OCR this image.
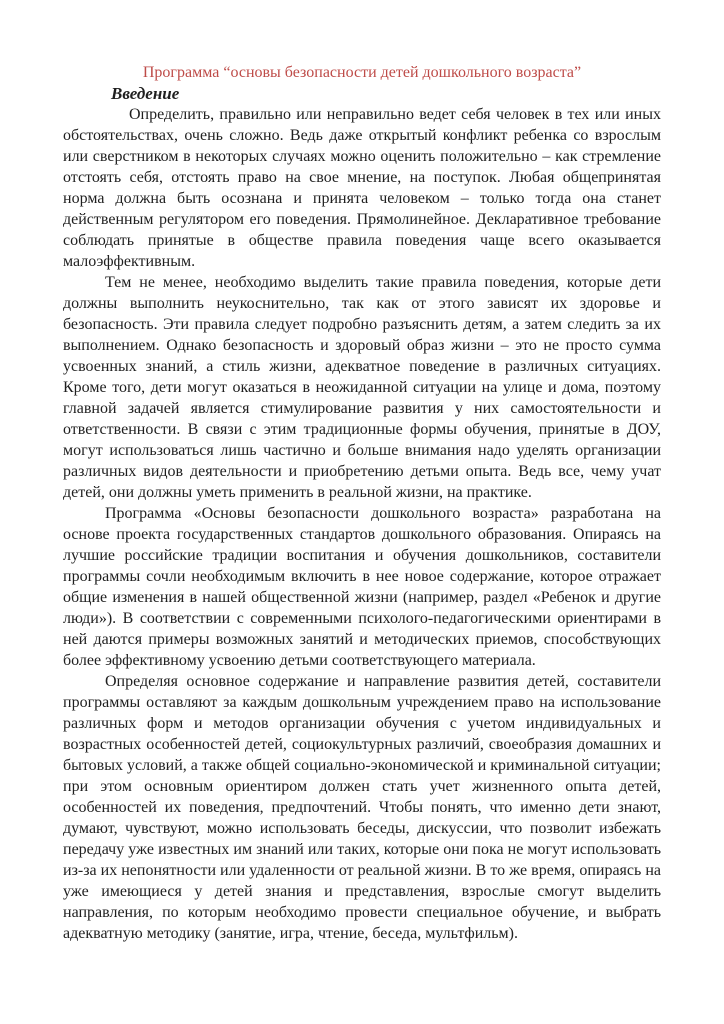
Программа “основы безопасности детей дошкольного возраста”
Введение

Определить, правильно или неправильно ведет себя человек в тех или иных обстоятельствах, очень сложно. Ведь даже открытый конфликт ребенка со взрослым или сверстником в некоторых случаях можно оценить положительно – как стремление отстоять себя, отстоять право на свое мнение, на поступок. Любая общепринятая норма должна быть осознана и принята человеком – только тогда она станет действенным регулятором его поведения. Прямолинейное. Декларативное требование соблюдать принятые в обществе правила поведения чаще всего оказывается малоэффективным.

Тем не менее, необходимо выделить такие правила поведения, которые дети должны выполнить неукоснительно, так как от этого зависят их здоровье и безопасность. Эти правила следует подробно разъяснить детям, а затем следить за их выполнением. Однако безопасность и здоровый образ жизни – это не просто сумма усвоенных знаний, а стиль жизни, адекватное поведение в различных ситуациях. Кроме того, дети могут оказаться в неожиданной ситуации на улице и дома, поэтому главной задачей является стимулирование развития у них самостоятельности и ответственности. В связи с этим традиционные формы обучения, принятые в ДОУ, могут использоваться лишь частично и больше внимания надо уделять организации различных видов деятельности и приобретению детьми опыта. Ведь все, чему учат детей, они должны уметь применить в реальной жизни, на практике.

Программа «Основы безопасности дошкольного возраста» разработана на основе проекта государственных стандартов дошкольного образования. Опираясь на лучшие российские традиции воспитания и обучения дошкольников, составители программы сочли необходимым включить в нее новое содержание, которое отражает общие изменения в нашей общественной жизни (например, раздел «Ребенок и другие люди»). В соответствии с современными психолого-педагогическими ориентирами в ней даются примеры возможных занятий и методических приемов, способствующих более эффективному усвоению детьми соответствующего материала.

Определяя основное содержание и направление развития детей, составители программы оставляют за каждым дошкольным учреждением право на использование различных форм и методов организации обучения с учетом индивидуальных и возрастных особенностей детей, социокультурных различий, своеобразия домашних и бытовых условий, а также общей социально-экономической и криминальной ситуации; при этом основным ориентиром должен стать учет жизненного опыта детей, особенностей их поведения, предпочтений. Чтобы понять, что именно дети знают, думают, чувствуют, можно использовать беседы, дискуссии, что позволит избежать передачу уже известных им знаний или таких, которые они пока не могут использовать из-за их непонятности или удаленности от реальной жизни. В то же время, опираясь на уже имеющиеся у детей знания и представления, взрослые смогут выделить направления, по которым необходимо провести специальное обучение, и выбрать адекватную методику (занятие, игра, чтение, беседа, мультфильм).
